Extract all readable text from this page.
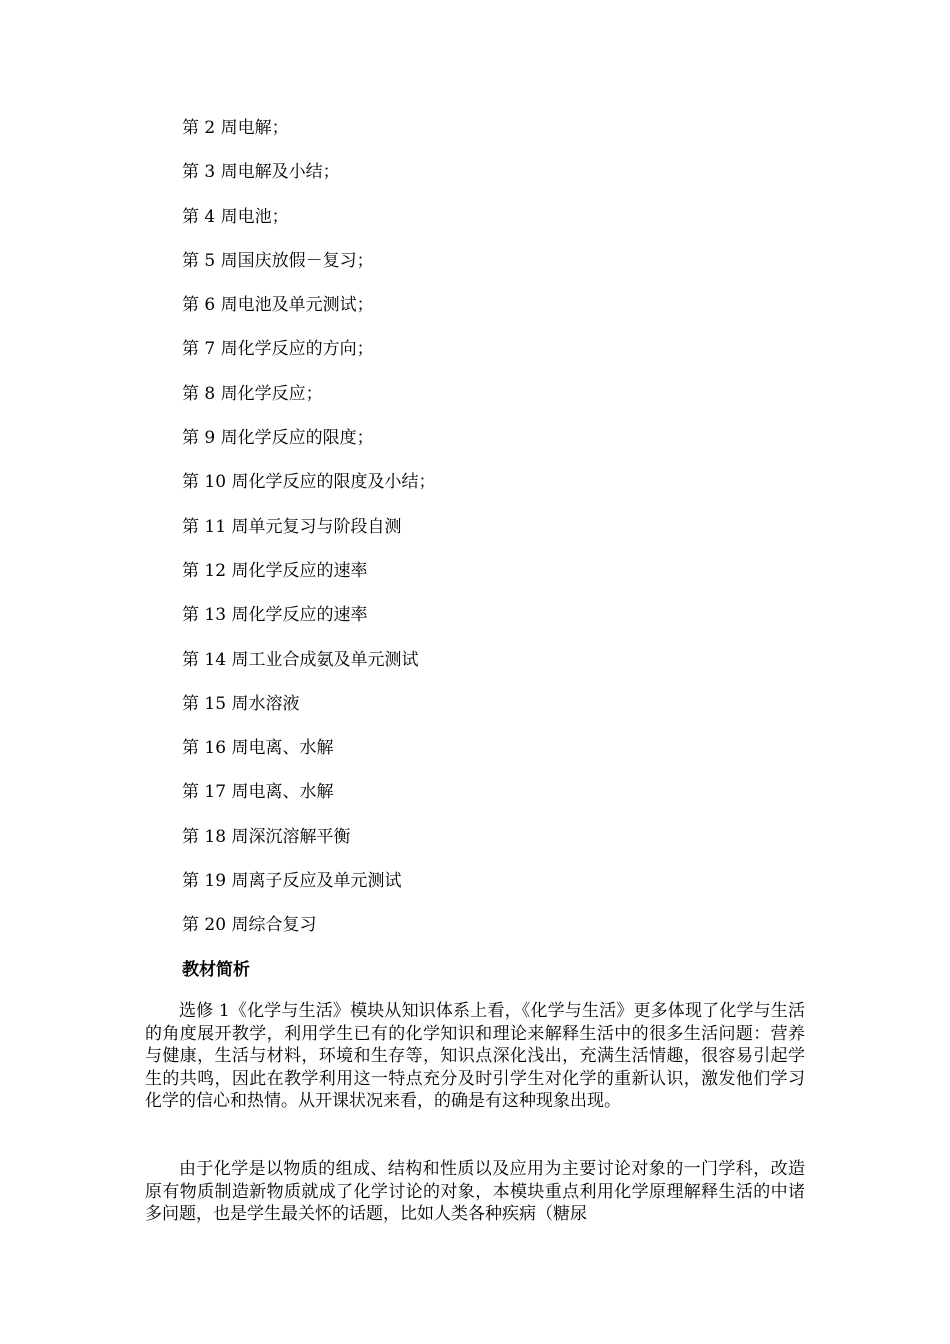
第 2 周电解；
第 3 周电解及小结；
第 4 周电池；
第 5 周国庆放假－复习；
第 6 周电池及单元测试；
第 7 周化学反应的方向；
第 8 周化学反应；
第 9 周化学反应的限度；
第 10 周化学反应的限度及小结；
第 11 周单元复习与阶段自测
第 12 周化学反应的速率
第 13 周化学反应的速率
第 14 周工业合成氨及单元测试
第 15 周水溶液
第 16 周电离、水解
第 17 周电离、水解
第 18 周深沉溶解平衡
第 19 周离子反应及单元测试
第 20 周综合复习
教材简析

选修 1《化学与生活》模块从知识体系上看，《化学与生活》更多体现了化学与生活的角度展开教学，利用学生已有的化学知识和理论来解释生活中的很多生活问题：营养与健康，生活与材料，环境和生存等，知识点深化浅出，充满生活情趣，很容易引起学生的共鸣，因此在教学利用这一特点充分及时引学生对化学的重新认识，激发他们学习化学的信心和热情。从开课状况来看，的确是有这种现象出现。

由于化学是以物质的组成、结构和性质以及应用为主要讨论对象的一门学科，改造原有物质制造新物质就成了化学讨论的对象，本模块重点利用化学原理解释生活的中诸多问题，也是学生最关怀的话题，比如人类各种疾病（糖尿
